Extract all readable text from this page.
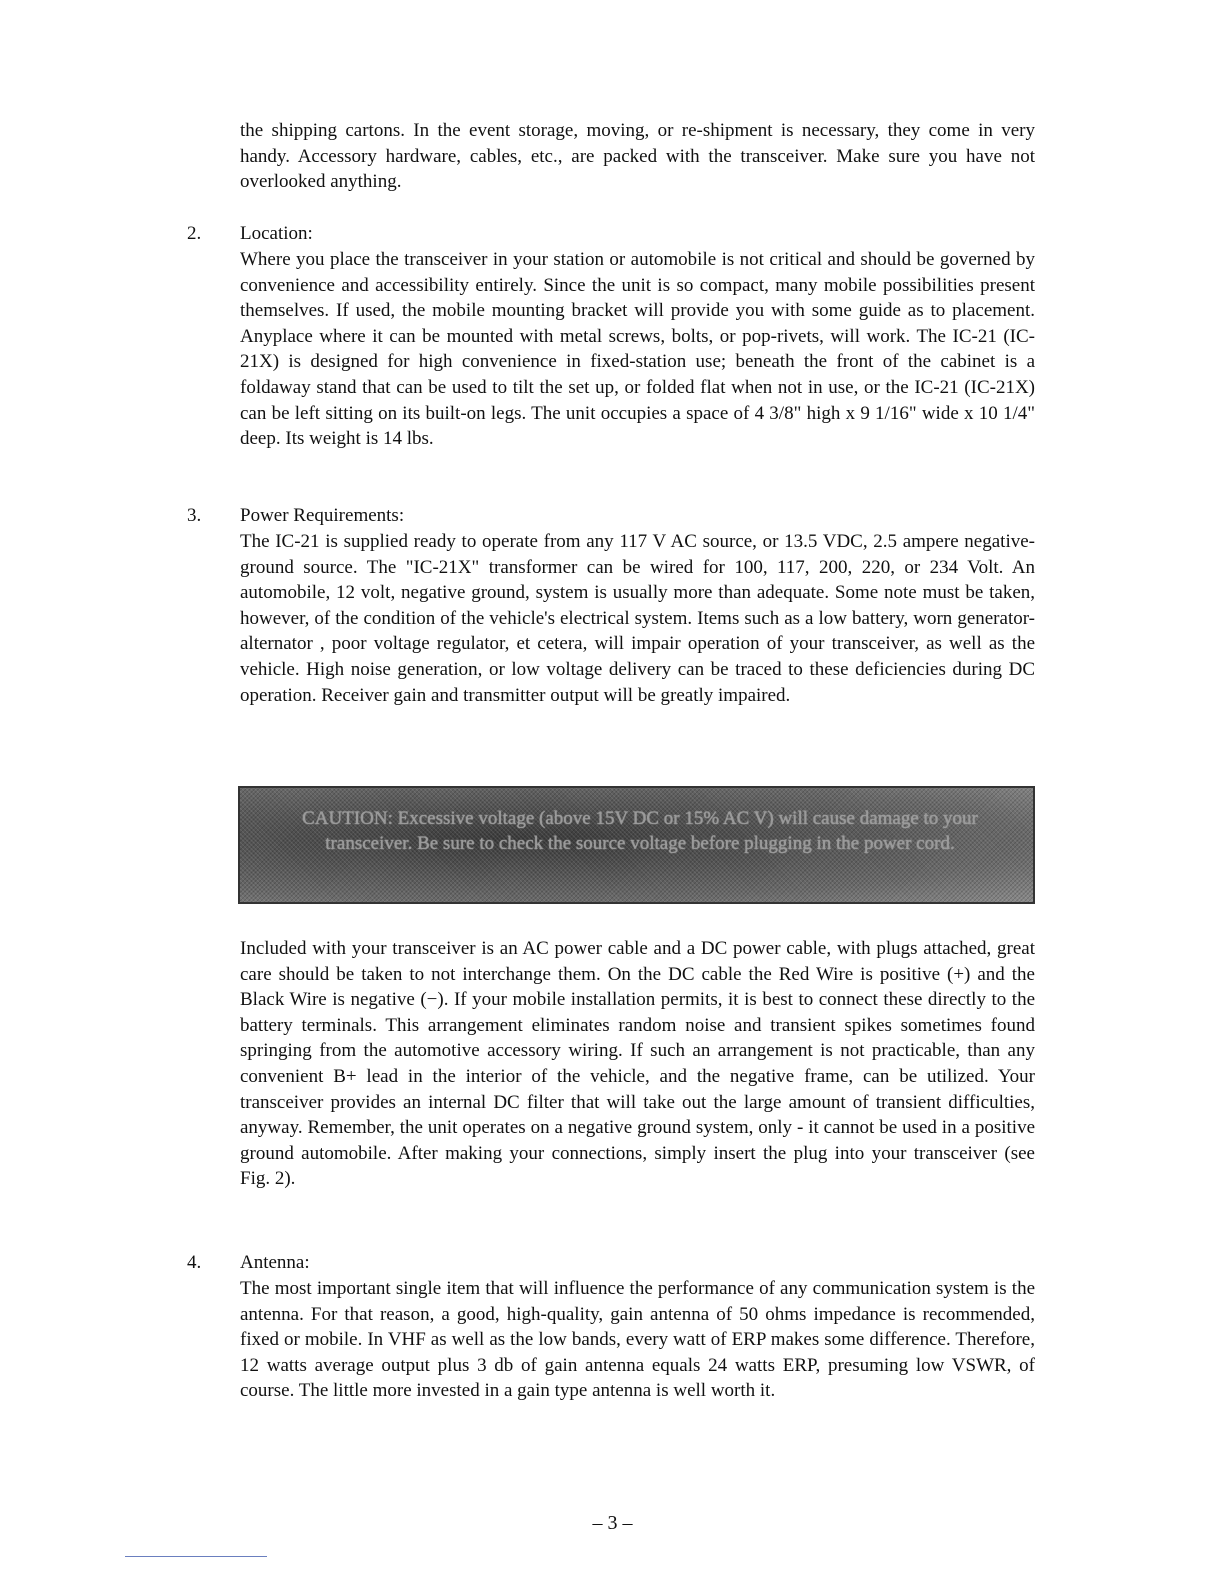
the shipping cartons. In the event storage, moving, or re-shipment is necessary, they come in very handy. Accessory hardware, cables, etc., are packed with the transceiver. Make sure you have not overlooked anything.

2. Location:

Where you place the transceiver in your station or automobile is not critical and should be governed by convenience and accessibility entirely. Since the unit is so compact, many mobile possibilities present themselves. If used, the mobile mounting bracket will provide you with some guide as to placement. Anyplace where it can be mounted with metal screws, bolts, or pop-rivets, will work. The IC-21 (IC-21X) is designed for high convenience in fixed-station use; beneath the front of the cabinet is a foldaway stand that can be used to tilt the set up, or folded flat when not in use, or the IC-21 (IC-21X) can be left sitting on its built-on legs. The unit occupies a space of 4 3/8" high x 9 1/16" wide x 10 1/4" deep. Its weight is 14 lbs.

3. Power Requirements:

The IC-21 is supplied ready to operate from any 117 V AC source, or 13.5 VDC, 2.5 ampere negative-ground source. The "IC-21X" transformer can be wired for 100, 117, 200, 220, or 234 Volt. An automobile, 12 volt, negative ground, system is usually more than adequate. Some note must be taken, however, of the condition of the vehicle's electrical system. Items such as a low battery, worn generator-alternator , poor voltage regulator, et cetera, will impair operation of your transceiver, as well as the vehicle. High noise generation, or low voltage delivery can be traced to these deficiencies during DC operation. Receiver gain and transmitter output will be greatly impaired.

CAUTION: Excessive voltage (above 15V DC or 15% AC V) will cause damage to your transceiver. Be sure to check the source voltage before plugging in the power cord.

Included with your transceiver is an AC power cable and a DC power cable, with plugs attached, great care should be taken to not interchange them. On the DC cable the Red Wire is positive (+) and the Black Wire is negative (−). If your mobile installation permits, it is best to connect these directly to the battery terminals. This arrangement eliminates random noise and transient spikes sometimes found springing from the automotive accessory wiring. If such an arrangement is not practicable, than any convenient B+ lead in the interior of the vehicle, and the negative frame, can be utilized. Your transceiver provides an internal DC filter that will take out the large amount of transient difficulties, anyway. Remember, the unit operates on a negative ground system, only - it cannot be used in a positive ground automobile. After making your connections, simply insert the plug into your transceiver (see Fig. 2).

4. Antenna:

The most important single item that will influence the performance of any communication system is the antenna. For that reason, a good, high-quality, gain antenna of 50 ohms impedance is recommended, fixed or mobile. In VHF as well as the low bands, every watt of ERP makes some difference. Therefore, 12 watts average output plus 3 db of gain antenna equals 24 watts ERP, presuming low VSWR, of course. The little more invested in a gain type antenna is well worth it.

– 3 –
